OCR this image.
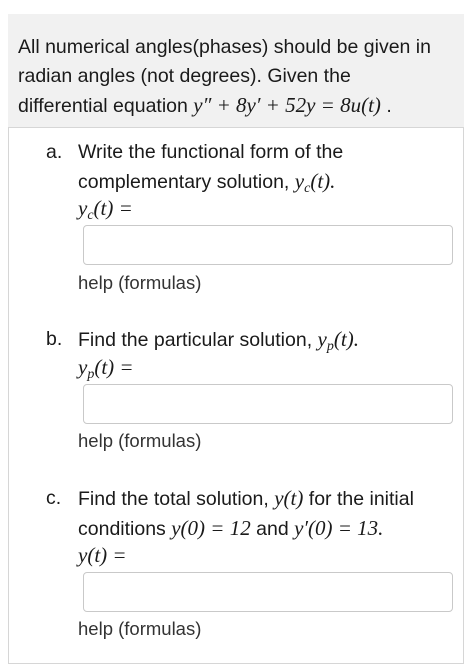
All numerical angles(phases) should be given in
radian angles (not degrees). Given the
differential equation y″ + 8y′ + 52y = 8u(t) .
a. Write the functional form of the
complementary solution, $y_c(t)$.
$y_c(t)$ =
help (formulas)
b. Find the particular solution, $y_p(t)$.
$y_p(t)$ =
help (formulas)
c. Find the total solution, y(t) for the initial
conditions y(0) = 12 and y′(0) = 13.
y(t) =
help (formulas)
